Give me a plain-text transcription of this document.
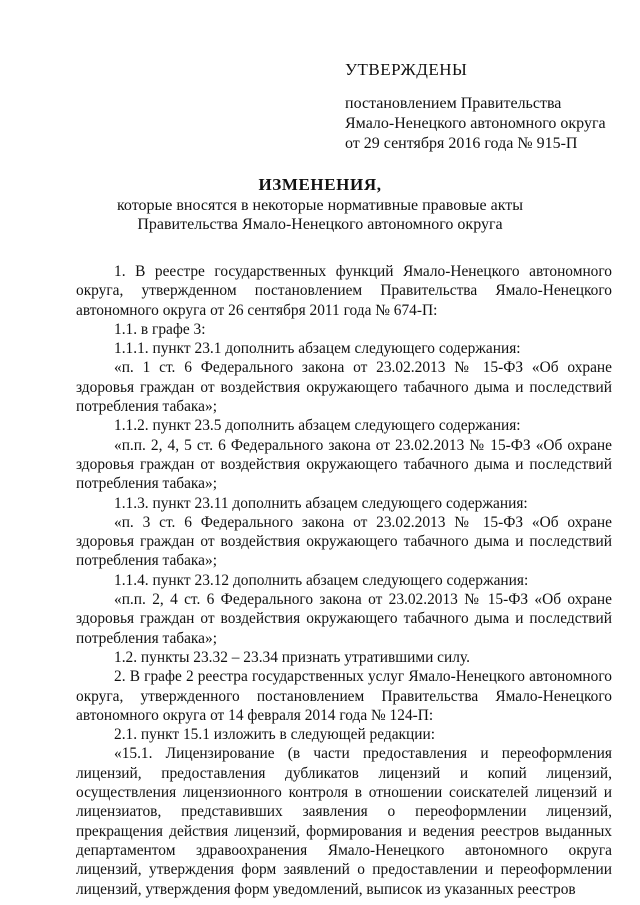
УТВЕРЖДЕНЫ
постановлением Правительства
Ямало-Ненецкого автономного округа
от 29 сентября 2016 года № 915-П
ИЗМЕНЕНИЯ,
которые вносятся в некоторые нормативные правовые акты
Правительства Ямало-Ненецкого автономного округа

1. В реестре государственных функций Ямало-Ненецкого автономного округа, утвержденном постановлением Правительства Ямало-Ненецкого автономного округа от 26 сентября 2011 года № 674-П:

1.1. в графе 3:

1.1.1. пункт 23.1 дополнить абзацем следующего содержания:

«п. 1 ст. 6 Федерального закона от 23.02.2013 № 15-ФЗ «Об охране здоровья граждан от воздействия окружающего табачного дыма и последствий потребления табака»;

1.1.2. пункт 23.5 дополнить абзацем следующего содержания:

«п.п. 2, 4, 5 ст. 6 Федерального закона от 23.02.2013 № 15-ФЗ «Об охране здоровья граждан от воздействия окружающего табачного дыма и последствий потребления табака»;

1.1.3. пункт 23.11 дополнить абзацем следующего содержания:

«п. 3 ст. 6 Федерального закона от 23.02.2013 № 15-ФЗ «Об охране здоровья граждан от воздействия окружающего табачного дыма и последствий потребления табака»;

1.1.4. пункт 23.12 дополнить абзацем следующего содержания:

«п.п. 2, 4 ст. 6 Федерального закона от 23.02.2013 № 15-ФЗ «Об охране здоровья граждан от воздействия окружающего табачного дыма и последствий потребления табака»;

1.2. пункты 23.32 – 23.34 признать утратившими силу.

2. В графе 2 реестра государственных услуг Ямало-Ненецкого автономного округа, утвержденного постановлением Правительства Ямало-Ненецкого автономного округа от 14 февраля 2014 года № 124-П:

2.1. пункт 15.1 изложить в следующей редакции:

«15.1. Лицензирование (в части предоставления и переоформления лицензий, предоставления дубликатов лицензий и копий лицензий, осуществления лицензионного контроля в отношении соискателей лицензий и лицензиатов, представивших заявления о переоформлении лицензий, прекращения действия лицензий, формирования и ведения реестров выданных департаментом здравоохранения Ямало-Ненецкого автономного округа лицензий, утверждения форм заявлений о предоставлении и переоформлении лицензий, утверждения форм уведомлений, выписок из указанных реестров
